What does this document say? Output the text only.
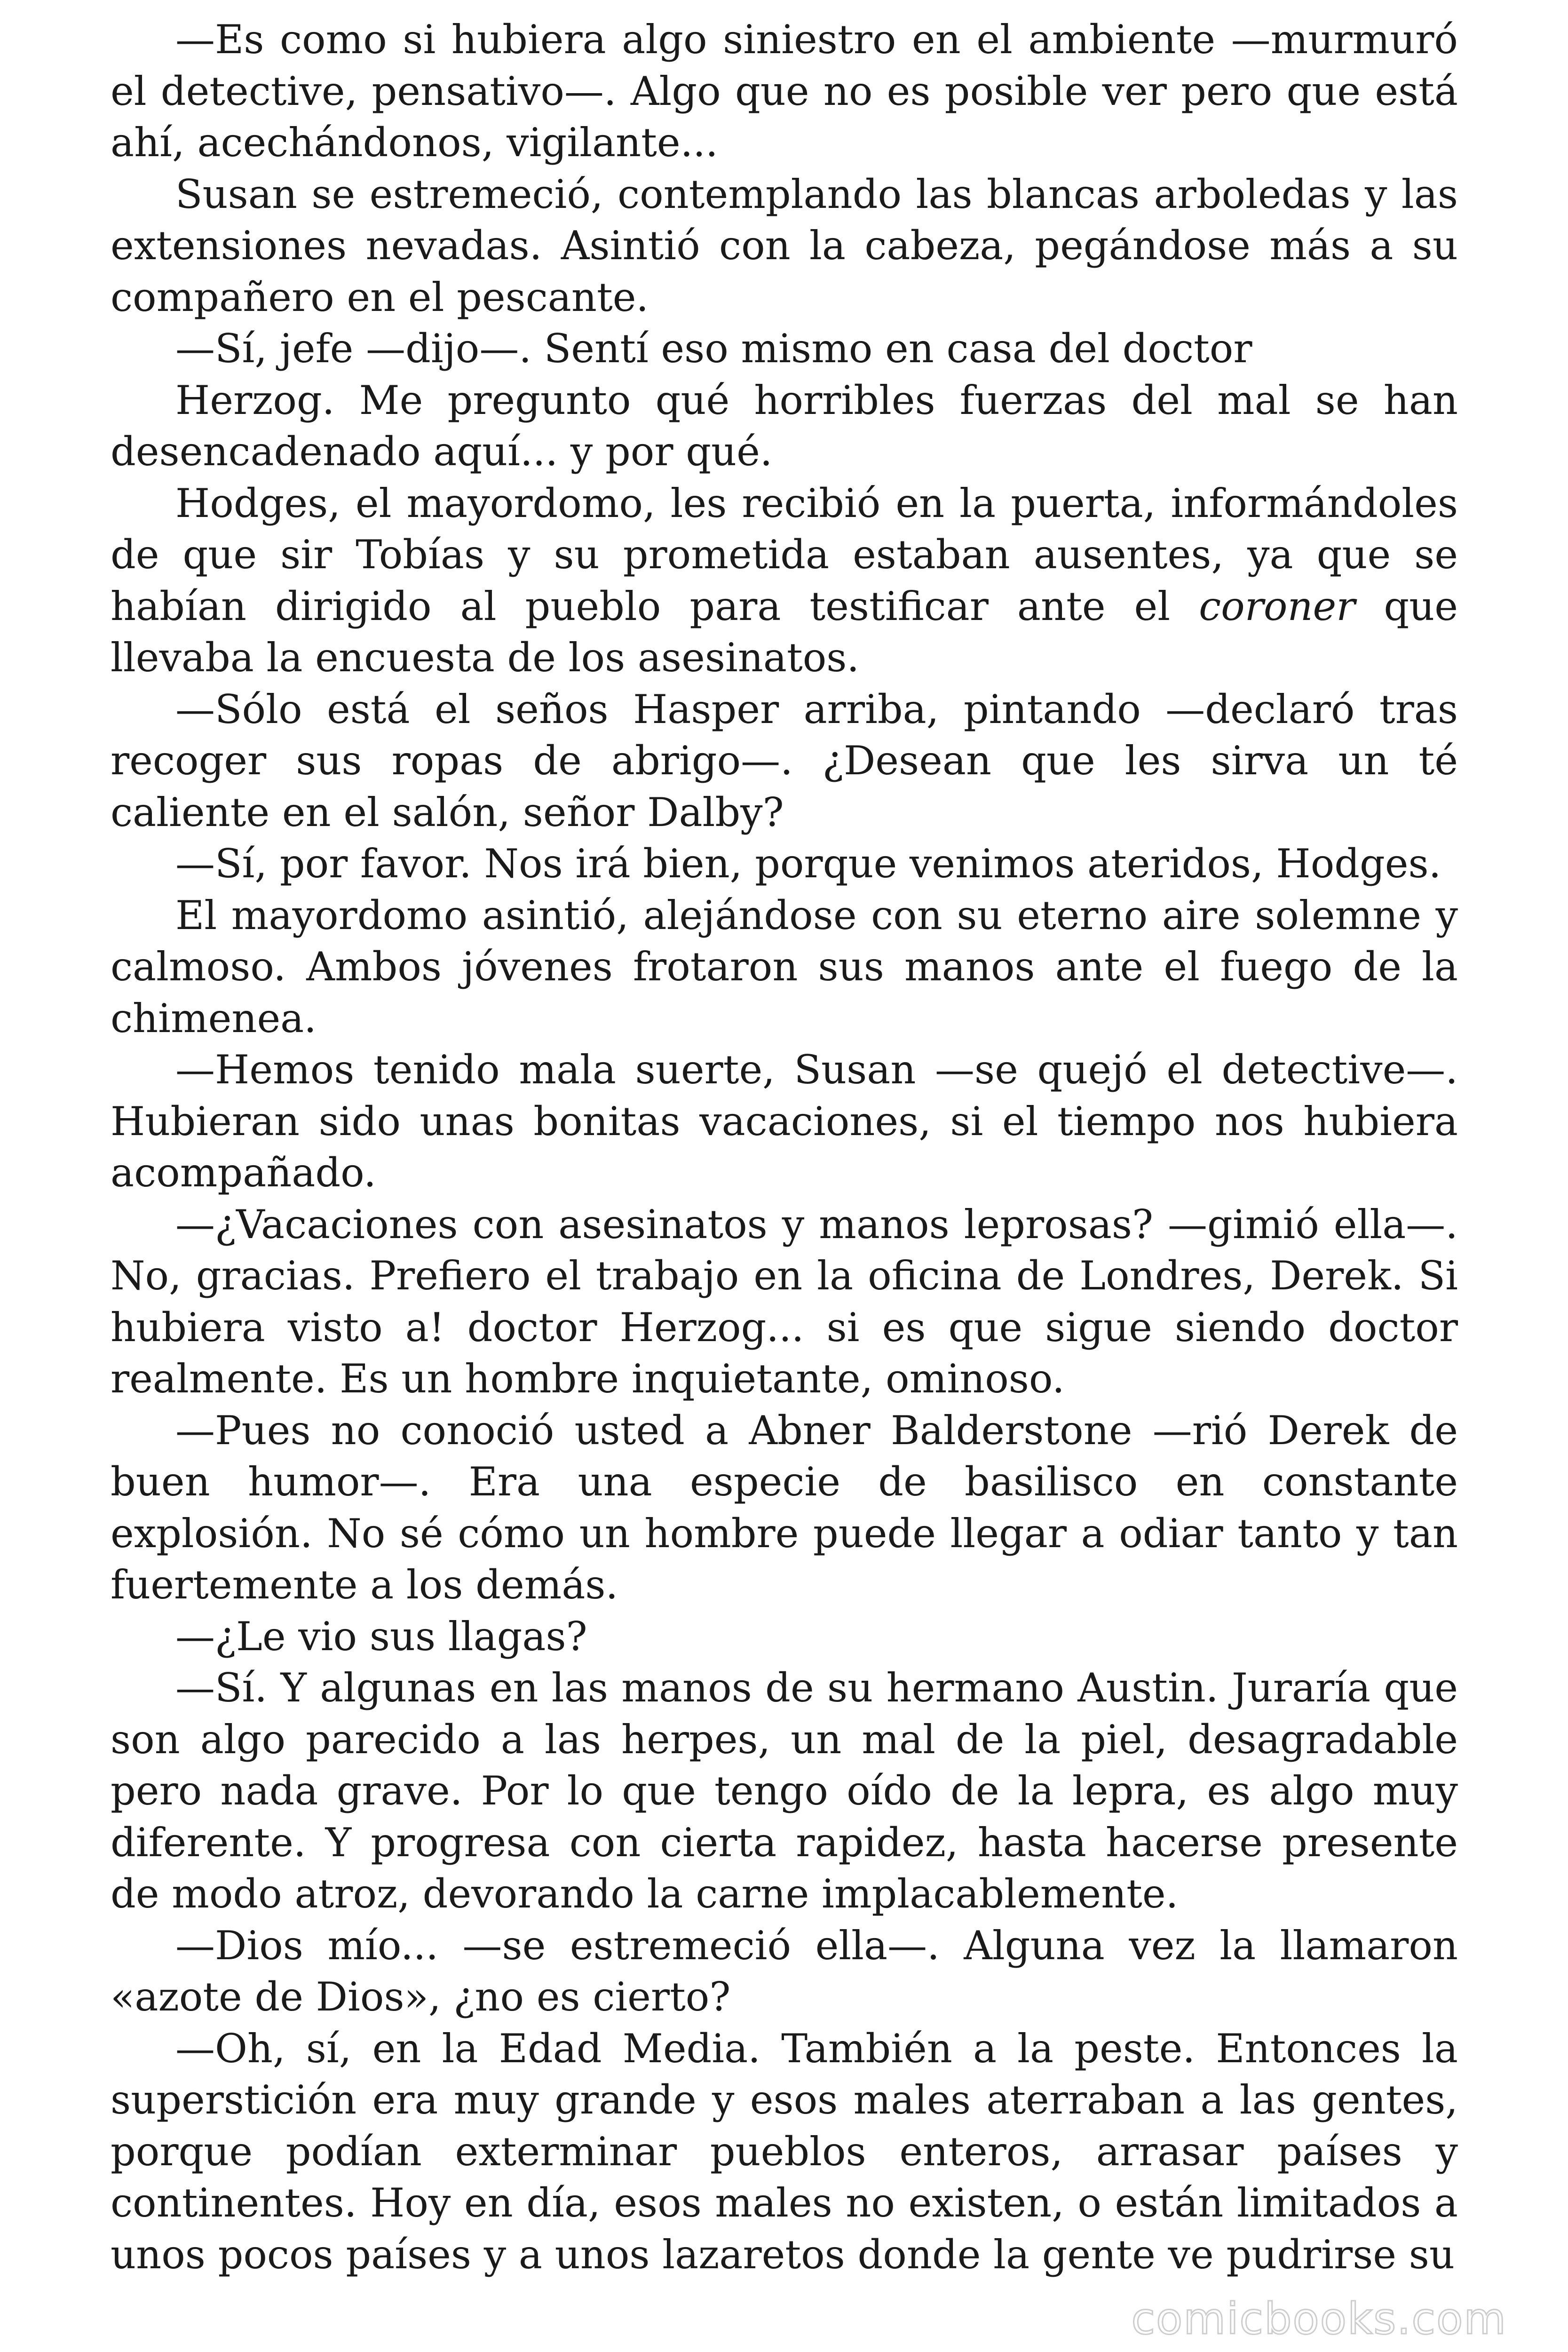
—Es como si hubiera algo siniestro en el ambiente —murmuró el detective, pensativo—. Algo que no es posible ver pero que está ahí, acechándonos, vigilante...

Susan se estremeció, contemplando las blancas arboledas y las extensiones nevadas. Asintió con la cabeza, pegándose más a su compañero en el pescante.

—Sí, jefe —dijo—. Sentí eso mismo en casa del doctor

Herzog. Me pregunto qué horribles fuerzas del mal se han desencadenado aquí... y por qué.

Hodges, el mayordomo, les recibió en la puerta, informándoles de que sir Tobías y su prometida estaban ausentes, ya que se habían dirigido al pueblo para testificar ante el coroner que llevaba la encuesta de los asesinatos.

—Sólo está el seños Hasper arriba, pintando —declaró tras recoger sus ropas de abrigo—. ¿Desean que les sirva un té caliente en el salón, señor Dalby?

—Sí, por favor. Nos irá bien, porque venimos ateridos, Hodges.

El mayordomo asintió, alejándose con su eterno aire solemne y calmoso. Ambos jóvenes frotaron sus manos ante el fuego de la chimenea.

—Hemos tenido mala suerte, Susan —se quejó el detective—. Hubieran sido unas bonitas vacaciones, si el tiempo nos hubiera acompañado.

—¿Vacaciones con asesinatos y manos leprosas? —gimió ella—. No, gracias. Prefiero el trabajo en la oficina de Londres, Derek. Si hubiera visto a! doctor Herzog... si es que sigue siendo doctor realmente. Es un hombre inquietante, ominoso.

—Pues no conoció usted a Abner Balderstone —rió Derek de buen humor—. Era una especie de basilisco en constante explosión. No sé cómo un hombre puede llegar a odiar tanto y tan fuertemente a los demás.

—¿Le vio sus llagas?

—Sí. Y algunas en las manos de su hermano Austin. Juraría que son algo parecido a las herpes, un mal de la piel, desagradable pero nada grave. Por lo que tengo oído de la lepra, es algo muy diferente. Y progresa con cierta rapidez, hasta hacerse presente de modo atroz, devorando la carne implacablemente.

—Dios mío... —se estremeció ella—. Alguna vez la llamaron «azote de Dios», ¿no es cierto?

—Oh, sí, en la Edad Media. También a la peste. Entonces la superstición era muy grande y esos males aterraban a las gentes, porque podían exterminar pueblos enteros, arrasar países y continentes. Hoy en día, esos males no existen, o están limitados a unos pocos países y a unos lazaretos donde la gente ve pudrirse su

comicbooks.com
